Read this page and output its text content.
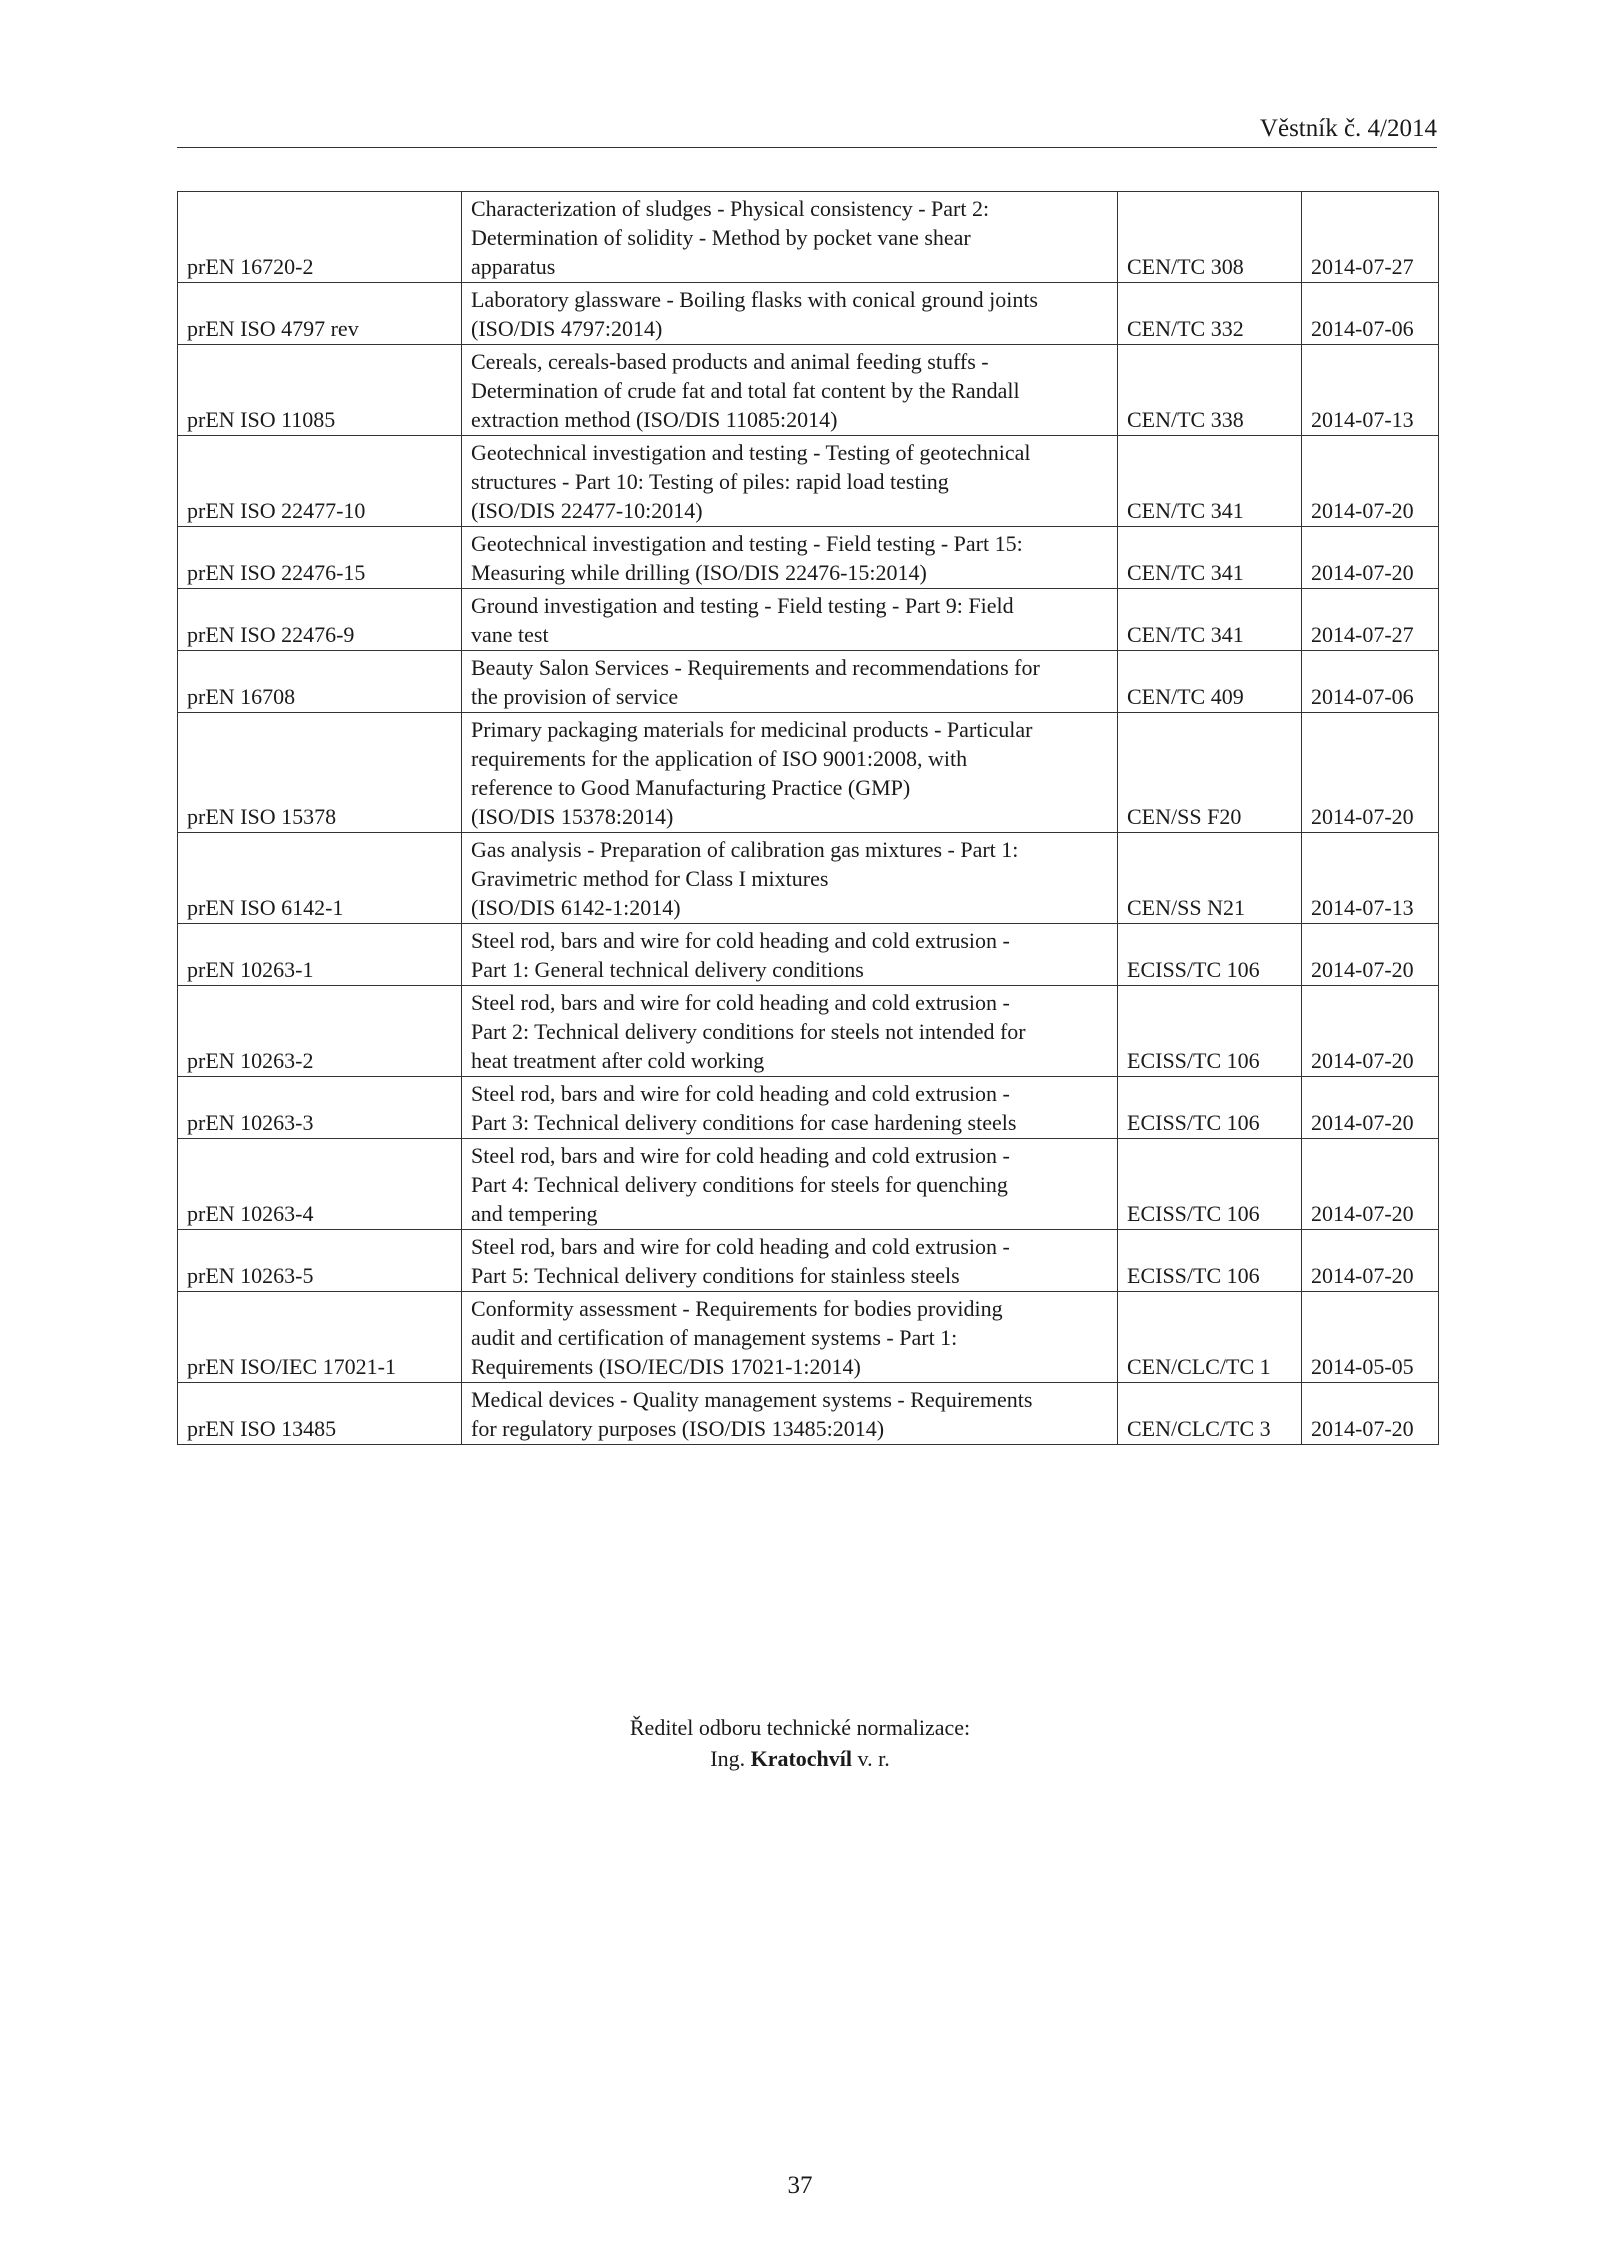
Věstník č. 4/2014
prEN 16720-2	Characterization of sludges - Physical consistency - Part 2:
Determination of solidity - Method by pocket vane shear
apparatus	CEN/TC 308	2014-07-27
prEN ISO 4797 rev	Laboratory glassware - Boiling flasks with conical ground joints
(ISO/DIS 4797:2014)	CEN/TC 332	2014-07-06
prEN ISO 11085	Cereals, cereals-based products and animal feeding stuffs -
Determination of crude fat and total fat content by the Randall
extraction method (ISO/DIS 11085:2014)	CEN/TC 338	2014-07-13
prEN ISO 22477-10	Geotechnical investigation and testing - Testing of geotechnical
structures - Part 10: Testing of piles: rapid load testing
(ISO/DIS 22477-10:2014)	CEN/TC 341	2014-07-20
prEN ISO 22476-15	Geotechnical investigation and testing - Field testing - Part 15:
Measuring while drilling (ISO/DIS 22476-15:2014)	CEN/TC 341	2014-07-20
prEN ISO 22476-9	Ground investigation and testing - Field testing - Part 9: Field
vane test	CEN/TC 341	2014-07-27
prEN 16708	Beauty Salon Services - Requirements and recommendations for
the provision of service	CEN/TC 409	2014-07-06
prEN ISO 15378	Primary packaging materials for medicinal products - Particular
requirements for the application of ISO 9001:2008, with
reference to Good Manufacturing Practice (GMP)
(ISO/DIS 15378:2014)	CEN/SS F20	2014-07-20
prEN ISO 6142-1	Gas analysis - Preparation of calibration gas mixtures - Part 1:
Gravimetric method for Class I mixtures
(ISO/DIS 6142-1:2014)	CEN/SS N21	2014-07-13
prEN 10263-1	Steel rod, bars and wire for cold heading and cold extrusion -
Part 1: General technical delivery conditions	ECISS/TC 106	2014-07-20
prEN 10263-2	Steel rod, bars and wire for cold heading and cold extrusion -
Part 2: Technical delivery conditions for steels not intended for
heat treatment after cold working	ECISS/TC 106	2014-07-20
prEN 10263-3	Steel rod, bars and wire for cold heading and cold extrusion -
Part 3: Technical delivery conditions for case hardening steels	ECISS/TC 106	2014-07-20
prEN 10263-4	Steel rod, bars and wire for cold heading and cold extrusion -
Part 4: Technical delivery conditions for steels for quenching
and tempering	ECISS/TC 106	2014-07-20
prEN 10263-5	Steel rod, bars and wire for cold heading and cold extrusion -
Part 5: Technical delivery conditions for stainless steels	ECISS/TC 106	2014-07-20
prEN ISO/IEC 17021-1	Conformity assessment - Requirements for bodies providing
audit and certification of management systems - Part 1:
Requirements (ISO/IEC/DIS 17021-1:2014)	CEN/CLC/TC 1	2014-05-05
prEN ISO 13485	Medical devices - Quality management systems - Requirements
for regulatory purposes (ISO/DIS 13485:2014)	CEN/CLC/TC 3	2014-07-20
Ředitel odboru technické normalizace:
Ing. Kratochvíl v. r.
37
